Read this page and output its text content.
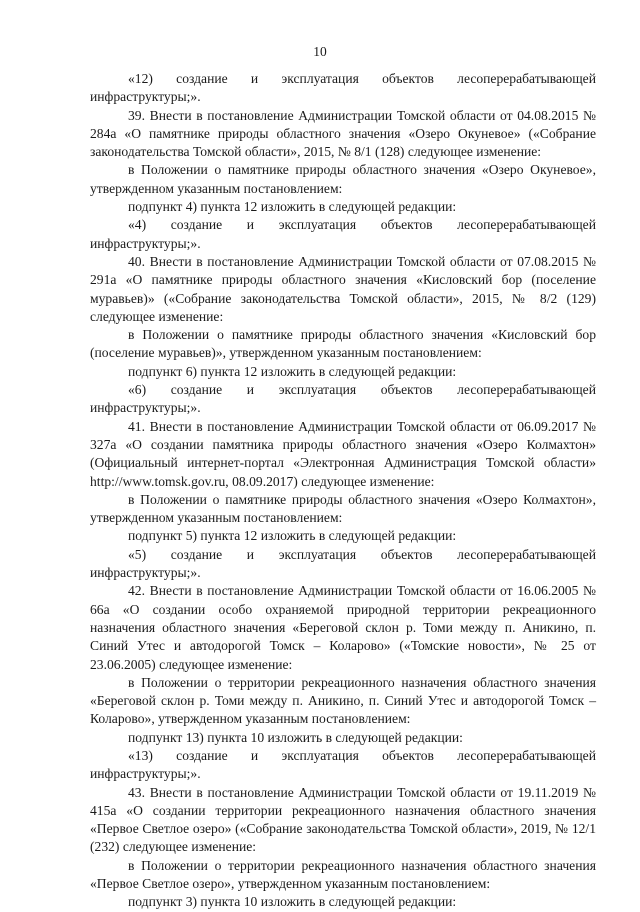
10

«12) создание и эксплуатация объектов лесоперерабатывающей инфраструктуры;».

39. Внести в постановление Администрации Томской области от 04.08.2015 № 284а «О памятнике природы областного значения «Озеро Окуневое» («Собрание законодательства Томской области», 2015, № 8/1 (128) следующее изменение:

в Положении о памятнике природы областного значения «Озеро Окуневое», утвержденном указанным постановлением:

подпункт 4) пункта 12 изложить в следующей редакции:

«4) создание и эксплуатация объектов лесоперерабатывающей инфраструктуры;».

40. Внести в постановление Администрации Томской области от 07.08.2015 № 291а «О памятнике природы областного значения «Кисловский бор (поселение муравьев)» («Собрание законодательства Томской области», 2015, № 8/2 (129) следующее изменение:

в Положении о памятнике природы областного значения «Кисловский бор (поселение муравьев)», утвержденном указанным постановлением:

подпункт 6) пункта 12 изложить в следующей редакции:

«6) создание и эксплуатация объектов лесоперерабатывающей инфраструктуры;».

41. Внести в постановление Администрации Томской области от 06.09.2017 № 327а «О создании памятника природы областного значения «Озеро Колмахтон» (Официальный интернет-портал «Электронная Администрация Томской области» http://www.tomsk.gov.ru, 08.09.2017) следующее изменение:

в Положении о памятнике природы областного значения «Озеро Колмахтон», утвержденном указанным постановлением:

подпункт 5) пункта 12 изложить в следующей редакции:

«5) создание и эксплуатация объектов лесоперерабатывающей инфраструктуры;».

42. Внести в постановление Администрации Томской области от 16.06.2005 № 66а «О создании особо охраняемой природной территории рекреационного назначения областного значения «Береговой склон р. Томи между п. Аникино, п. Синий Утес и автодорогой Томск – Коларово» («Томские новости», № 25 от 23.06.2005) следующее изменение:

в Положении о территории рекреационного назначения областного значения «Береговой склон р. Томи между п. Аникино, п. Синий Утес и автодорогой Томск – Коларово», утвержденном указанным постановлением:

подпункт 13) пункта 10 изложить в следующей редакции:

«13) создание и эксплуатация объектов лесоперерабатывающей инфраструктуры;».

43. Внести в постановление Администрации Томской области от 19.11.2019 № 415а «О создании территории рекреационного назначения областного значения «Первое Светлое озеро» («Собрание законодательства Томской области», 2019, № 12/1 (232) следующее изменение:

в Положении о территории рекреационного назначения областного значения «Первое Светлое озеро», утвержденном указанным постановлением:

подпункт 3) пункта 10 изложить в следующей редакции:
